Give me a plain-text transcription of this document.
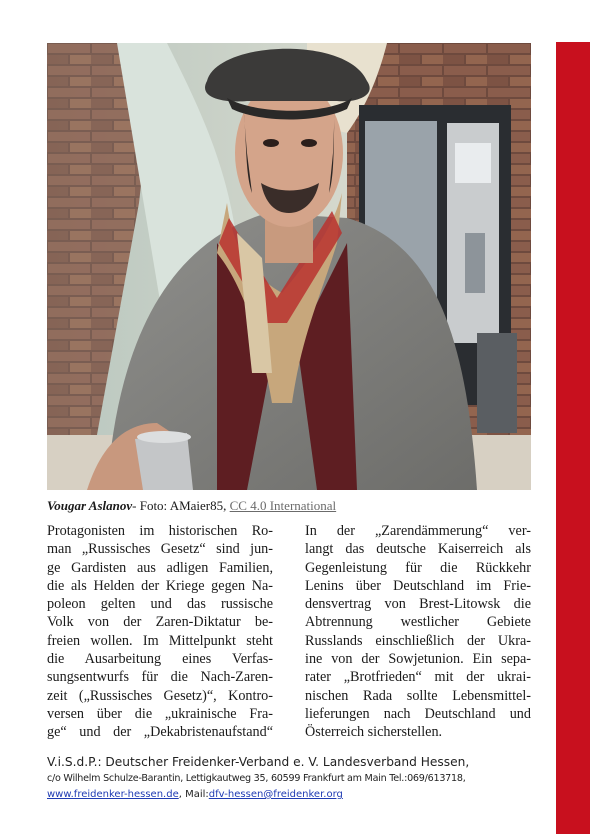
Vougar Aslanov- Foto: AMaier85, CC 4.0 International
Protagonisten im historischen Ro-
man „Russisches Gesetz“ sind jun-
ge Gardisten aus adligen Familien,
die als Helden der Kriege gegen Na-
poleon gelten und das russische
Volk von der Zaren-Diktatur be-
freien wollen. Im Mittelpunkt steht
die Ausarbeitung eines Verfas-
sungsentwurfs für die Nach-Zaren-
zeit („Russisches Gesetz)“, Kontro-
versen über die „ukrainische Fra-
ge“ und der „Dekabristenaufstand“
In der „Zarendämmerung“ ver-
langt das deutsche Kaiserreich als
Gegenleistung für die Rückkehr
Lenins über Deutschland im Frie-
densvertrag von Brest-Litowsk die
Abtrennung westlicher Gebiete
Russlands einschließlich der Ukra-
ine von der Sowjetunion. Ein sepa-
rater „Brotfrieden“ mit der ukrai-
nischen Rada sollte Lebensmittel-
lieferungen nach Deutschland und
Österreich sicherstellen.
V.i.S.d.P.: Deutscher Freidenker-Verband e. V. Landesverband Hessen,
c/o Wilhelm Schulze-Barantin, Lettigkautweg 35, 60599 Frankfurt am Main Tel.:069/613718,
www.freidenker-hessen.de, Mail:dfv-hessen@freidenker.org
